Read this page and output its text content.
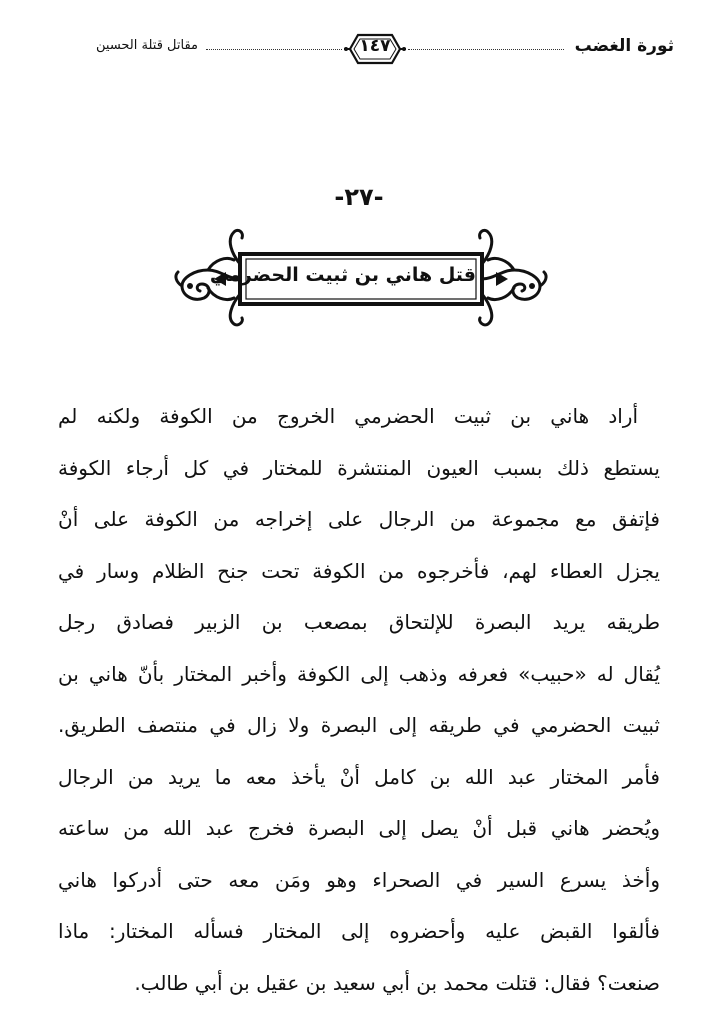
مقاتل قتلة الحسين	١٤٧	ثورة الغضب
-٢٧-
قتل هاني بن ثبيت الحضرمي
أراد هاني بن ثبيت الحضرمي الخروج من الكوفة ولكنه لم
يستطع ذلك بسبب العيون المنتشرة للمختار في كل أرجاء الكوفة
فإتفق مع مجموعة من الرجال على إخراجه من الكوفة على أنْ
يجزل العطاء لهم، فأخرجوه من الكوفة تحت جنح الظلام وسار في
طريقه يريد البصرة للإلتحاق بمصعب بن الزبير فصادق رجل
يُقال له «حبيب» فعرفه وذهب إلى الكوفة وأخبر المختار بأنّ هاني بن
ثبيت الحضرمي في طريقه إلى البصرة ولا زال في منتصف الطريق.
فأمر المختار عبد الله بن كامل أنْ يأخذ معه ما يريد من الرجال
ويُحضر هاني قبل أنْ يصل إلى البصرة فخرج عبد الله من ساعته
وأخذ يسرع السير في الصحراء وهو ومَن معه حتى أدركوا هاني
فألقوا القبض عليه وأحضروه إلى المختار فسأله المختار: ماذا
صنعت؟ فقال: قتلت محمد بن أبي سعيد بن عقيل بن أبي طالب.
